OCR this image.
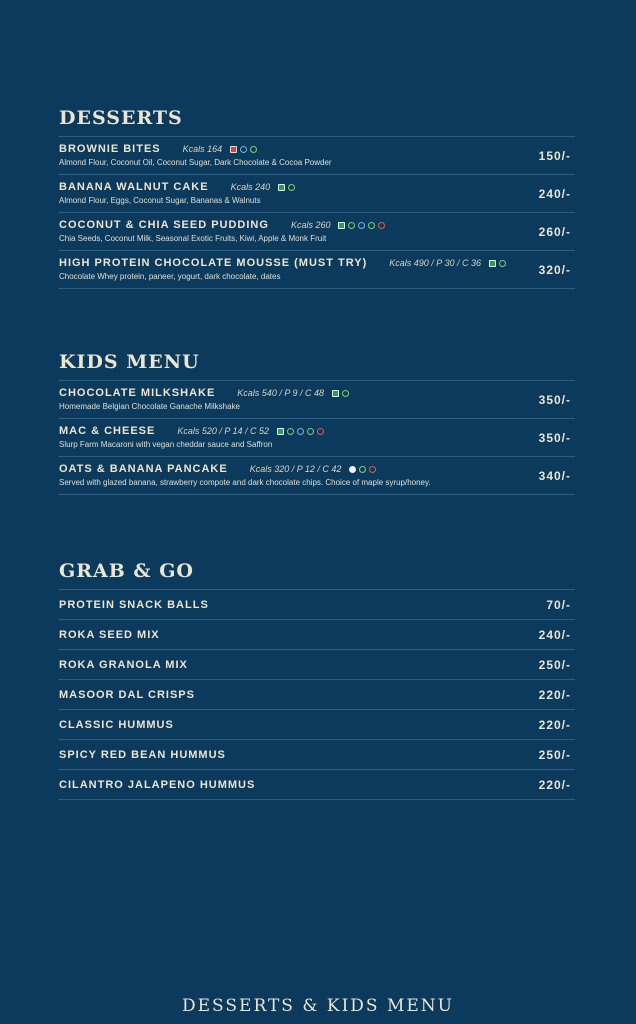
DESSERTS
BROWNIE BITES Kcals 164
Almond Flour, Coconut Oil, Coconut Sugar, Dark Chocolate & Cocoa Powder	150/-
BANANA WALNUT CAKE Kcals 240
Almond Flour, Eggs, Coconut Sugar, Bananas & Walnuts	240/-
COCONUT & CHIA SEED PUDDING Kcals 260
Chia Seeds, Coconut Milk, Seasonal Exotic Fruits, Kiwi, Apple & Monk Fruit	260/-
HIGH PROTEIN CHOCOLATE MOUSSE (MUST TRY) Kcals 490 / P 30 / C 36
Chocolate Whey protein, paneer, yogurt, dark chocolate, dates	320/-
KIDS MENU
CHOCOLATE MILKSHAKE Kcals 540 / P 9 / C 48
Homemade Belgian Chocolate Ganache Milkshake	350/-
MAC & CHEESE Kcals 520 / P 14 / C 52
Slurp Farm Macaroni with vegan cheddar sauce and Saffron	350/-
OATS & BANANA PANCAKE Kcals 320 / P 12 / C 42
Served with glazed banana, strawberry compote and dark chocolate chips. Choice of maple syrup/honey.	340/-
GRAB & GO
PROTEIN SNACK BALLS	70/-
ROKA SEED MIX	240/-
ROKA GRANOLA MIX	250/-
MASOOR DAL CRISPS	220/-
CLASSIC HUMMUS	220/-
SPICY RED BEAN HUMMUS	250/-
CILANTRO JALAPENO HUMMUS	220/-
DESSERTS & KIDS MENU
